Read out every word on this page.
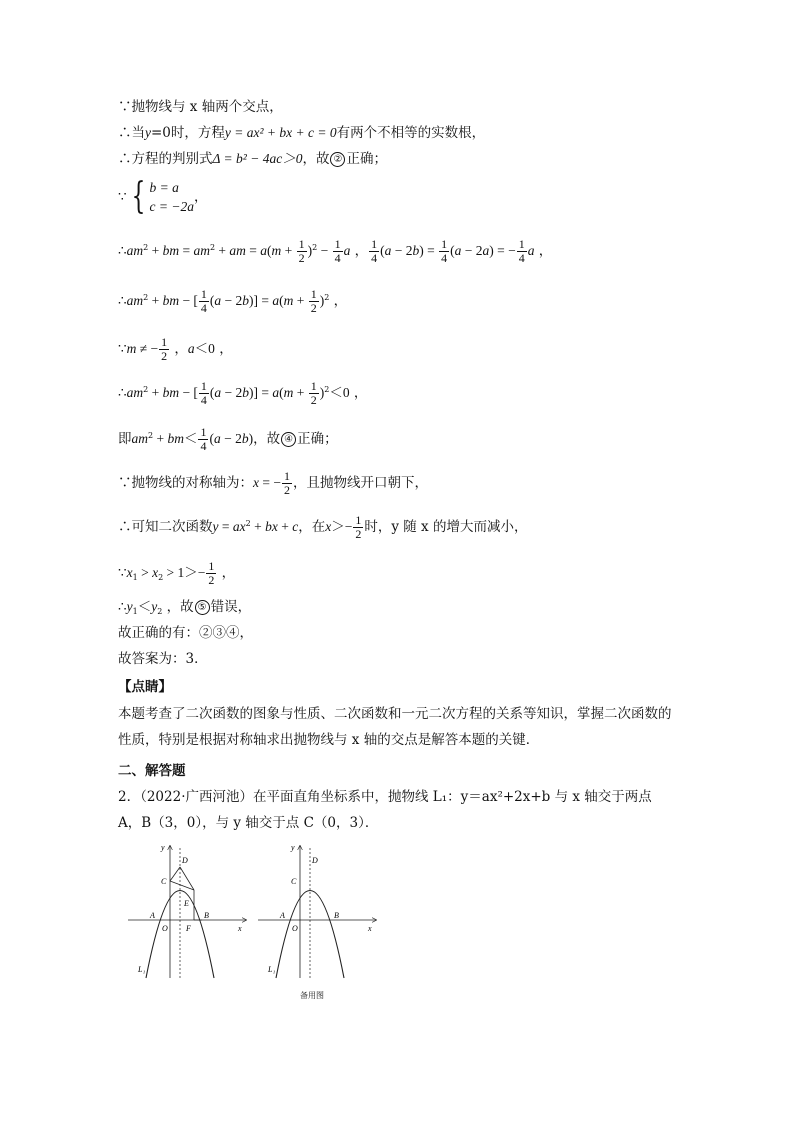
∵抛物线与 x 轴两个交点，
∴当y=0时，方程y = ax² + bx + c = 0有两个不相等的实数根，
∴方程的判别式Δ = b² − 4ac＞0，故 ② 正确；
∵ { b = a
c = −2a
，
$\therefore am^2$ + bm = $am^2$ + am = $a(m + \frac{1}{2} )^2 - \frac{1}{4}$ a ， $\frac{1}{4} (a - 2b) = \frac{1}{4} (a - 2a)$ = − $\frac{1}{4}$ a ，
$\therefore am^2$ + bm − [ $\frac{1}{4} (a - 2b)] = a(m + \frac{1}{2} )^2$ ，
∵m ≠ − $\frac{1}{2}$ ，a＜0 ，
$\therefore am^2$ + bm − [ $\frac{1}{4} (a - 2b)] = a(m + \frac{1}{2} )^2<0$ ，
即$am^2 + bm< \frac{1}{4} (a - 2b)$，故 ④ 正确；
∵抛物线的对称轴为：x = − $\frac{1}{2}$ ，且抛物线开口朝下，
∴可知二次函数$y = ax^2$ + bx + c，在$x>- \frac{1}{2}$ 时，y 随 x 的增大而减小，
$\because x_1 > x_2 > 1>- \frac{1}{2}$ ，
$\therefore y_1<y_2$ ，故 ⑤ 错误，
故正确的有：②③④，
故答案为：3．
【点睛】
本题考查了二次函数的图象与性质、二次函数和一元二次方程的关系等知识，掌握二次函数的性质，特别是根据对称轴求出抛物线与 x 轴的交点是解答本题的关键．
二、解答题
2．（2022·广西河池）在平面直角坐标系中，抛物线 L₁：y＝ax²+2x+b 与 x 轴交于两点 A，B（3，0），与 y 轴交于点 C（0，3）．
y
D
C
E
A
O F
B
x
L₁
y
D
C
A
O
B
x
L₁
备用图
